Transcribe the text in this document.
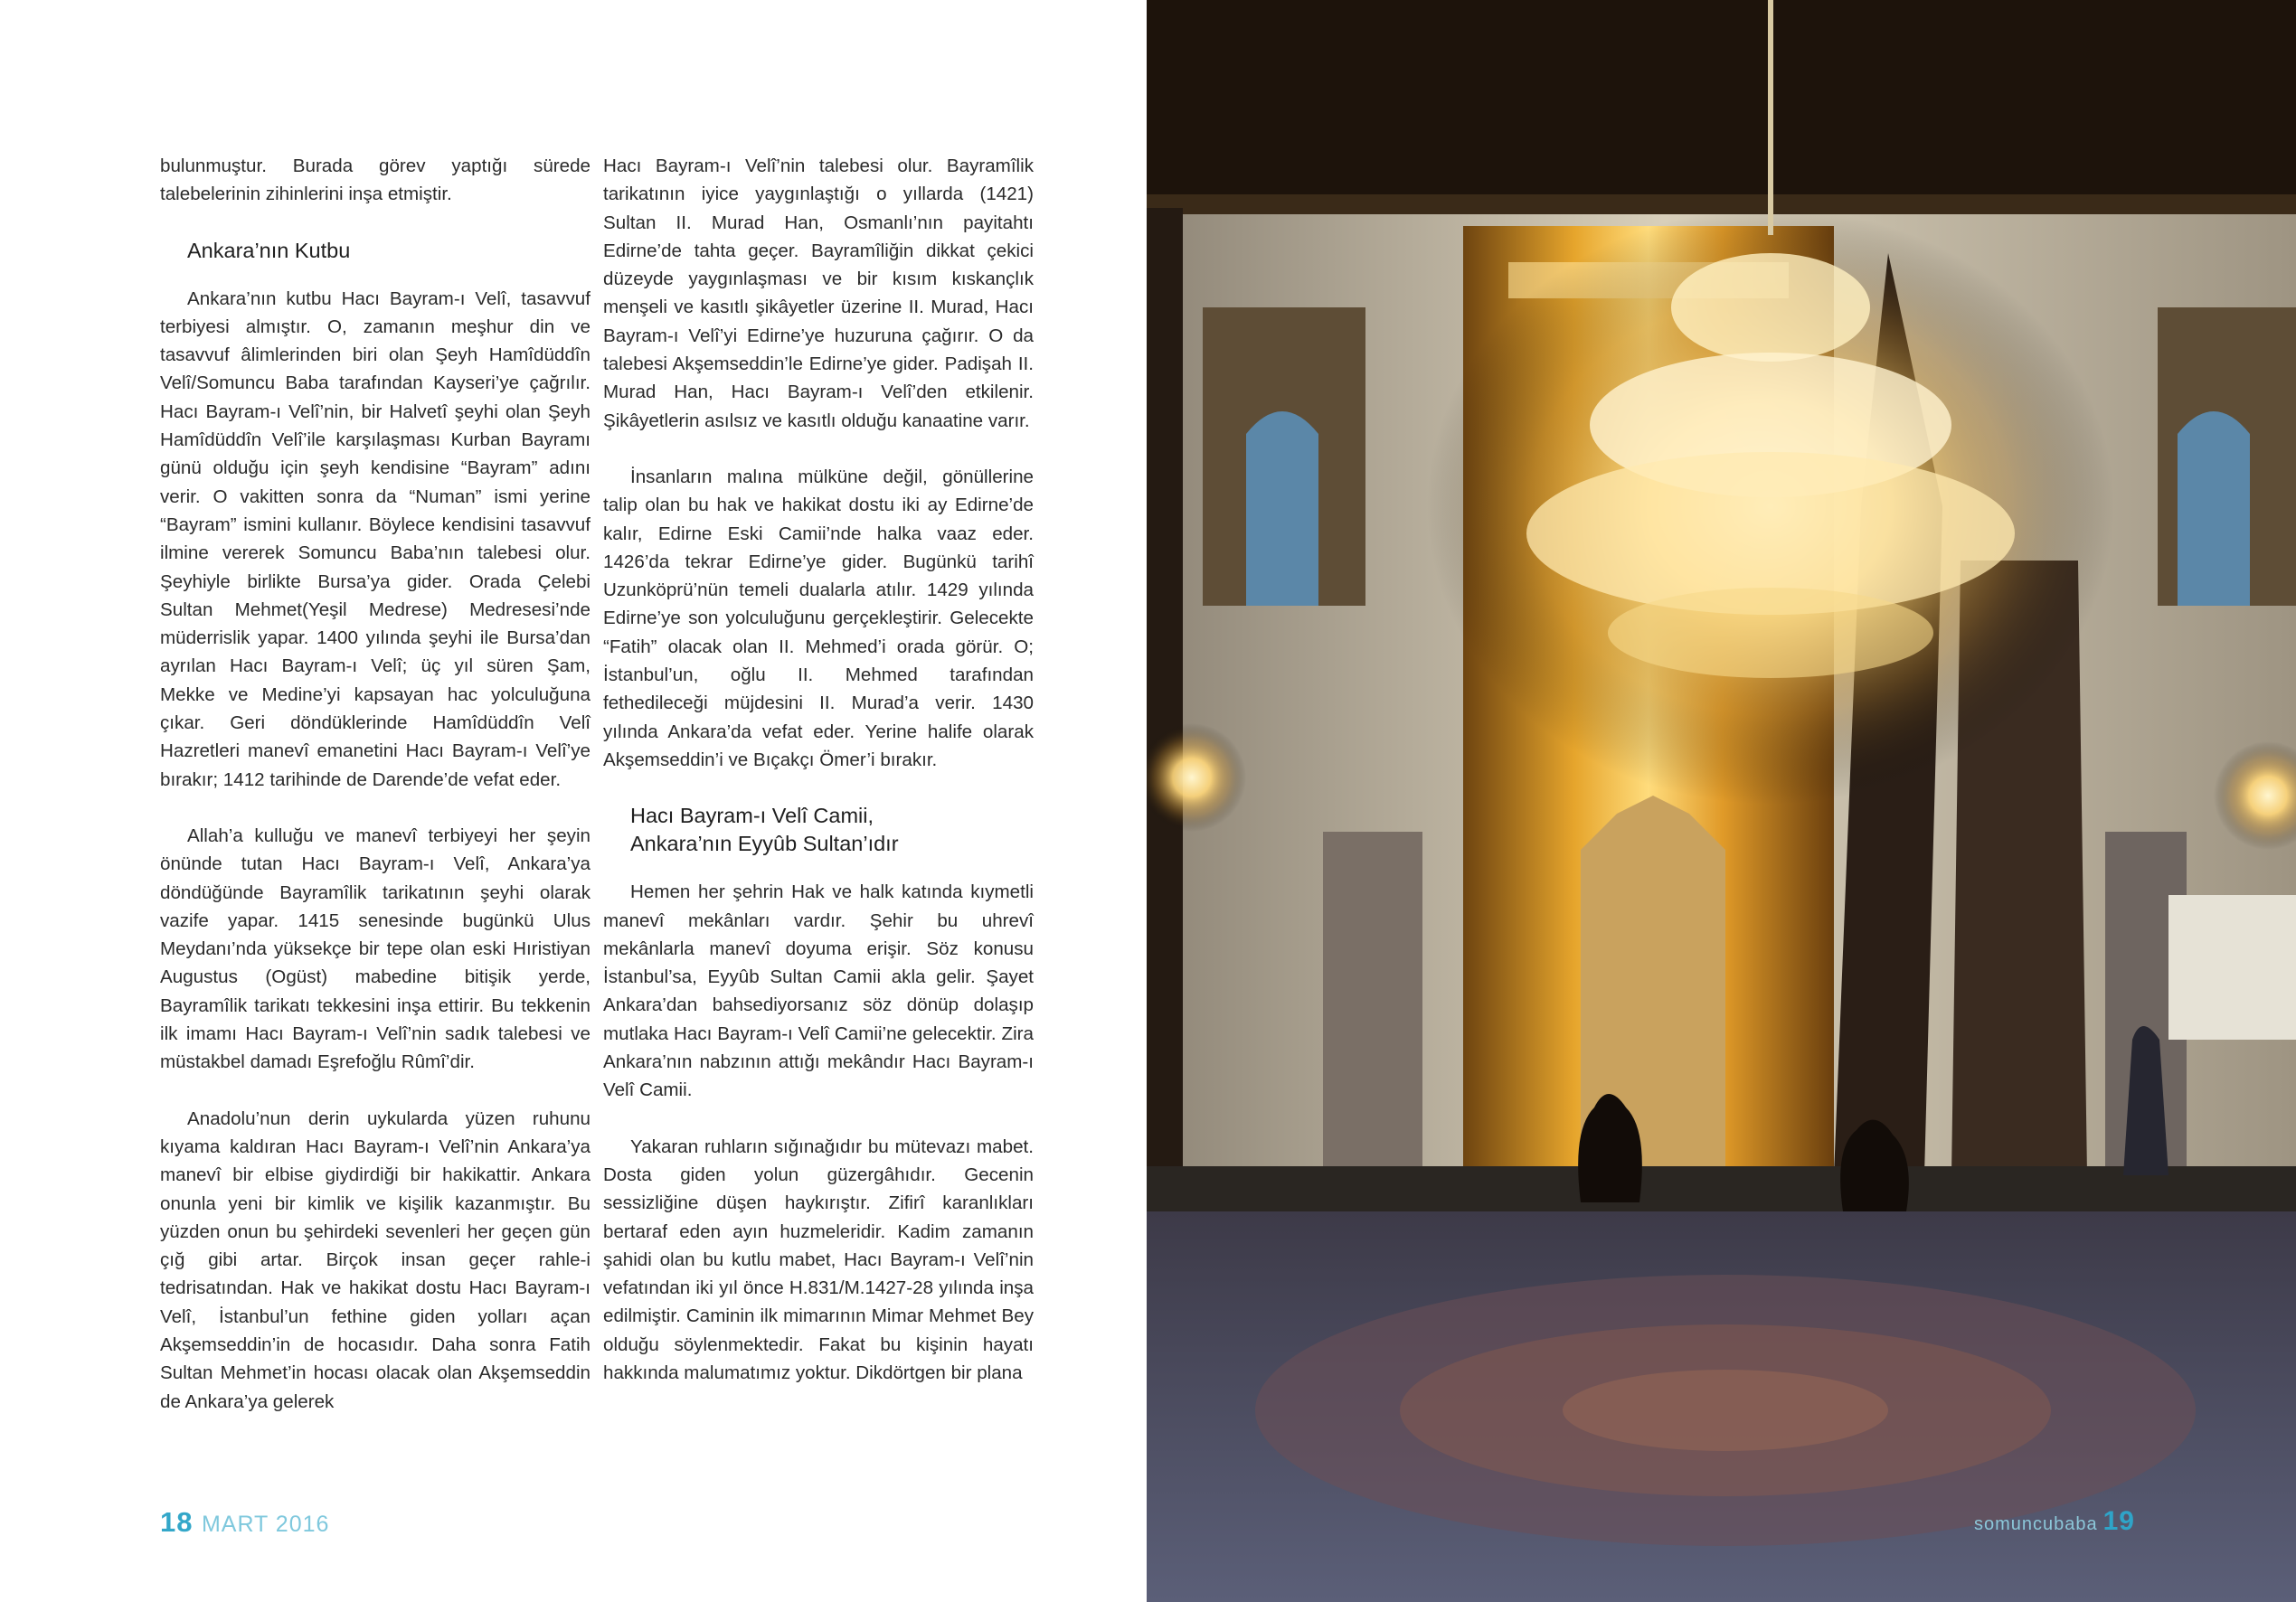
bulunmuştur. Burada görev yaptığı sürede talebelerinin zihinlerini inşa etmiştir.

Ankara’nın Kutbu

Ankara’nın kutbu Hacı Bayram-ı Velî, tasavvuf terbiyesi almıştır. O, zamanın meşhur din ve tasavvuf âlimlerinden biri olan Şeyh Hamîdüddîn Velî/Somuncu Baba tarafından Kayseri’ye çağrılır. Hacı Bayram-ı Velî’nin, bir Halvetî şeyhi olan Şeyh Hamîdüddîn Velî’ile karşılaşması Kurban Bayramı günü olduğu için şeyh kendisine “Bayram” adını verir. O vakitten sonra da “Numan” ismi yerine “Bayram” ismini kullanır. Böylece kendisini tasavvuf ilmine vererek Somuncu Baba’nın talebesi olur. Şeyhiyle birlikte Bursa’ya gider. Orada Çelebi Sultan Mehmet(Yeşil Medrese) Medresesi’nde müderrislik yapar. 1400 yılında şeyhi ile Bursa’dan ayrılan Hacı Bayram-ı Velî; üç yıl süren Şam, Mekke ve Medine’yi kapsayan hac yolculuğuna çıkar. Geri döndüklerinde Hamîdüddîn Velî Hazretleri manevî emanetini Hacı Bayram-ı Velî’ye bırakır; 1412 tarihinde de Darende’de vefat eder.

Allah’a kulluğu ve manevî terbiyeyi her şeyin önünde tutan Hacı Bayram-ı Velî, Ankara’ya döndüğünde Bayramîlik tarikatının şeyhi olarak vazife yapar. 1415 senesinde bugünkü Ulus Meydanı’nda yüksekçe bir tepe olan eski Hıristiyan Augustus (Ogüst) mabedine bitişik yerde, Bayramîlik tarikatı tekkesini inşa ettirir. Bu tekkenin ilk imamı Hacı Bayram-ı Velî’nin sadık talebesi ve müstakbel damadı Eşrefoğlu Rûmî’dir.

Anadolu’nun derin uykularda yüzen ruhunu kıyama kaldıran Hacı Bayram-ı Velî’nin Ankara’ya manevî bir elbise giydirdiği bir hakikattir. Ankara onunla yeni bir kimlik ve kişilik kazanmıştır. Bu yüzden onun bu şehirdeki sevenleri her geçen gün çığ gibi artar. Birçok insan geçer rahle-i tedrisatından. Hak ve hakikat dostu Hacı Bayram-ı Velî, İstanbul’un fethine giden yolları açan Akşemseddin’in de hocasıdır. Daha sonra Fatih Sultan Mehmet’in hocası olacak olan Akşemseddin de Ankara’ya gelerek

Hacı Bayram-ı Velî’nin talebesi olur. Bayramîlik tarikatının iyice yaygınlaştığı o yıllarda (1421) Sultan II. Murad Han, Osmanlı’nın payitahtı Edirne’de tahta geçer. Bayramîliğin dikkat çekici düzeyde yaygınlaşması ve bir kısım kıskançlık menşeli ve kasıtlı şikâyetler üzerine II. Murad, Hacı Bayram-ı Velî’yi Edirne’ye huzuruna çağırır. O da talebesi Akşemseddin’le Edirne’ye gider. Padişah II. Murad Han, Hacı Bayram-ı Velî’den etkilenir. Şikâyetlerin asılsız ve kasıtlı olduğu kanaatine varır.

İnsanların malına mülküne değil, gönüllerine talip olan bu hak ve hakikat dostu iki ay Edirne’de kalır, Edirne Eski Camii’nde halka vaaz eder. 1426’da tekrar Edirne’ye gider. Bugünkü tarihî Uzunköprü’nün temeli dualarla atılır. 1429 yılında Edirne’ye son yolculuğunu gerçekleştirir. Gelecekte “Fatih” olacak olan II. Mehmed’i orada görür. O; İstanbul’un, oğlu II. Mehmed tarafından fethedileceği müjdesini II. Murad’a verir. 1430 yılında Ankara’da vefat eder. Yerine halife olarak Akşemseddin’i ve Bıçakçı Ömer’i bırakır.

Hacı Bayram-ı Velî Camii,
Ankara’nın Eyyûb Sultan’ıdır

Hemen her şehrin Hak ve halk katında kıymetli manevî mekânları vardır. Şehir bu uhrevî mekânlarla manevî doyuma erişir. Söz konusu İstanbul’sa, Eyyûb Sultan Camii akla gelir. Şayet Ankara’dan bahsediyorsanız söz dönüp dolaşıp mutlaka Hacı Bayram-ı Velî Camii’ne gelecektir. Zira Ankara’nın nabzının attığı mekândır Hacı Bayram-ı Velî Camii.

Yakaran ruhların sığınağıdır bu mütevazı mabet. Dosta giden yolun güzergâhıdır. Gecenin sessizliğine düşen haykırıştır. Zifirî karanlıkları bertaraf eden ayın huzmeleridir. Kadim zamanın şahidi olan bu kutlu mabet, Hacı Bayram-ı Velî’nin vefatından iki yıl önce H.831/M.1427-28 yılında inşa edilmiştir. Caminin ilk mimarının Mimar Mehmet Bey olduğu söylenmektedir. Fakat bu kişinin hayatı hakkında malumatımız yoktur. Dikdörtgen bir plana

18 MART 2016	somuncubaba 19
